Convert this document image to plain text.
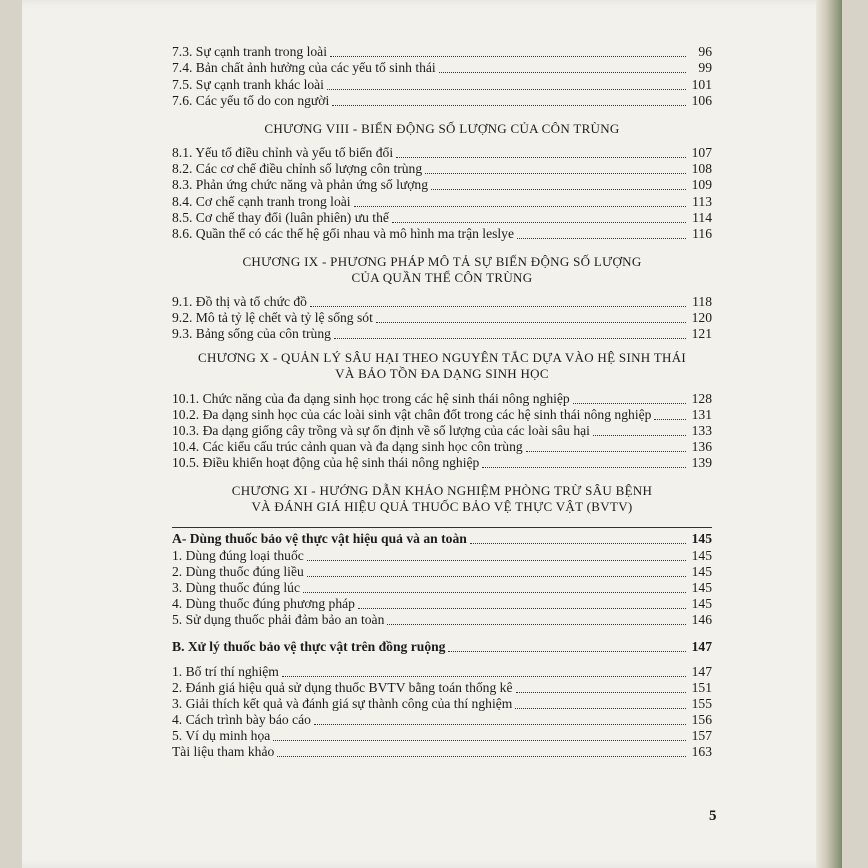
7.3. Sự cạnh tranh trong loài	96
7.4. Bản chất ảnh hưởng của các yếu tố sinh thái	99
7.5. Sự cạnh tranh khác loài	101
7.6. Các yếu tố do con người	106
CHƯƠNG VIII - BIẾN ĐỘNG SỐ LƯỢNG CỦA CÔN TRÙNG
8.1. Yếu tố điều chỉnh và yếu tố biến đổi	107
8.2. Các cơ chế điều chỉnh số lượng côn trùng	108
8.3. Phản ứng chức năng và phản ứng số lượng	109
8.4. Cơ chế cạnh tranh trong loài	113
8.5. Cơ chế thay đổi (luân phiên) ưu thế	114
8.6. Quần thể có các thế hệ gối nhau và mô hình ma trận leslye	116
CHƯƠNG IX - PHƯƠNG PHÁP MÔ TẢ SỰ BIẾN ĐỘNG SỐ LƯỢNG
CỦA QUẦN THỂ CÔN TRÙNG
9.1. Đồ thị và tổ chức đồ	118
9.2. Mô tả tỷ lệ chết và tỷ lệ sống sót	120
9.3. Bảng sống của côn trùng	121
CHƯƠNG X - QUẢN LÝ SÂU HẠI THEO NGUYÊN TẮC DỰA VÀO HỆ SINH THÁI
VÀ BẢO TỒN ĐA DẠNG SINH HỌC
10.1. Chức năng của đa dạng sinh học trong các hệ sinh thái nông nghiệp	128
10.2. Đa dạng sinh học của các loài sinh vật chân đốt trong các hệ sinh thái nông nghiệp	131
10.3. Đa dạng giống cây trồng và sự ổn định về số lượng của các loài sâu hại	133
10.4. Các kiểu cấu trúc cảnh quan và đa dạng sinh học côn trùng	136
10.5. Điều khiển hoạt động của hệ sinh thái nông nghiệp	139
CHƯƠNG XI - HƯỚNG DẪN KHẢO NGHIỆM PHÒNG TRỪ SÂU BỆNH
VÀ ĐÁNH GIÁ HIỆU QUẢ THUỐC BẢO VỆ THỰC VẬT (BVTV)
A- Dùng thuốc bảo vệ thực vật hiệu quả và an toàn	145
1. Dùng đúng loại thuốc	145
2. Dùng thuốc đúng liều	145
3. Dùng thuốc đúng lúc	145
4. Dùng thuốc đúng phương pháp	145
5. Sử dụng thuốc phải đảm bảo an toàn	146
B. Xử lý thuốc bảo vệ thực vật trên đồng ruộng	147
1. Bố trí thí nghiệm	147
2. Đánh giá hiệu quả sử dụng thuốc BVTV bằng toán thống kê	151
3. Giải thích kết quả và đánh giá sự thành công của thí nghiệm	155
4. Cách trình bày báo cáo	156
5. Ví dụ minh họa	157
Tài liệu tham khảo	163
5
